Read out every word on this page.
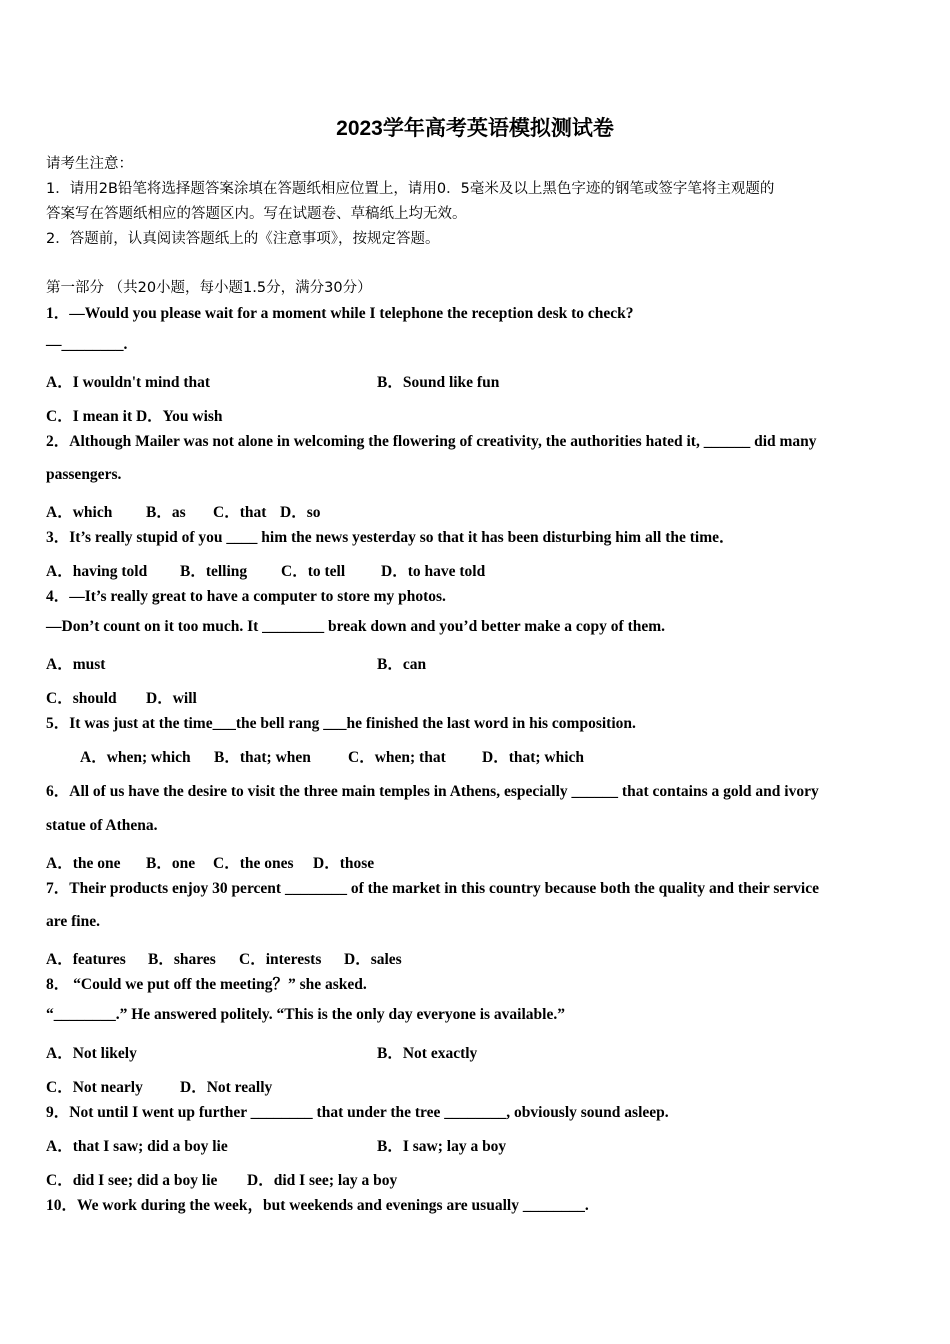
2023学年高考英语模拟测试卷
请考生注意：
1．请用2B铅笔将选择题答案涂填在答题纸相应位置上，请用0．5毫米及以上黑色字迹的钢笔或签字笔将主观题的
答案写在答题纸相应的答题区内。写在试题卷、草稿纸上均无效。
2．答题前，认真阅读答题纸上的《注意事项》，按规定答题。
第一部分 （共20小题，每小题1.5分，满分30分）
1．—Would you please wait for a moment while I telephone the reception desk to check?
—________.
A．I wouldn't mind that	B．Sound like fun
C．I mean it D．You wish
2．Although Mailer was not alone in welcoming the flowering of creativity, the authorities hated it, ______ did many
passengers.
A．which B．as C．that D．so
3．It’s really stupid of you ____ him the news yesterday so that it has been disturbing him all the time．
A．having told B．telling C．to tell D．to have told
4．—It’s really great to have a computer to store my photos.
—Don’t count on it too much. It ________ break down and you’d better make a copy of them.
A．must	B．can
C．should D．will
5．It was just at the time___the bell rang ___he finished the last word in his composition.
A．when; which B．that; when C．when; that D．that; which
6．All of us have the desire to visit the three main temples in Athens, especially ______ that contains a gold and ivory
statue of Athena.
A．the one B．one C．the ones D．those
7．Their products enjoy 30 percent ________ of the market in this country because both the quality and their service
are fine.
A．features B．shares C．interests D．sales
8． “Could we put off the meeting？” she asked.
“________.” He answered politely. “This is the only day everyone is available.”
A．Not likely	B．Not exactly
C．Not nearly D．Not really
9．Not until I went up further ________ that under the tree ________, obviously sound asleep.
A．that I saw; did a boy lie	B．I saw; lay a boy
C．did I see; did a boy lie D．did I see; lay a boy
10．We work during the week，but weekends and evenings are usually ________.
